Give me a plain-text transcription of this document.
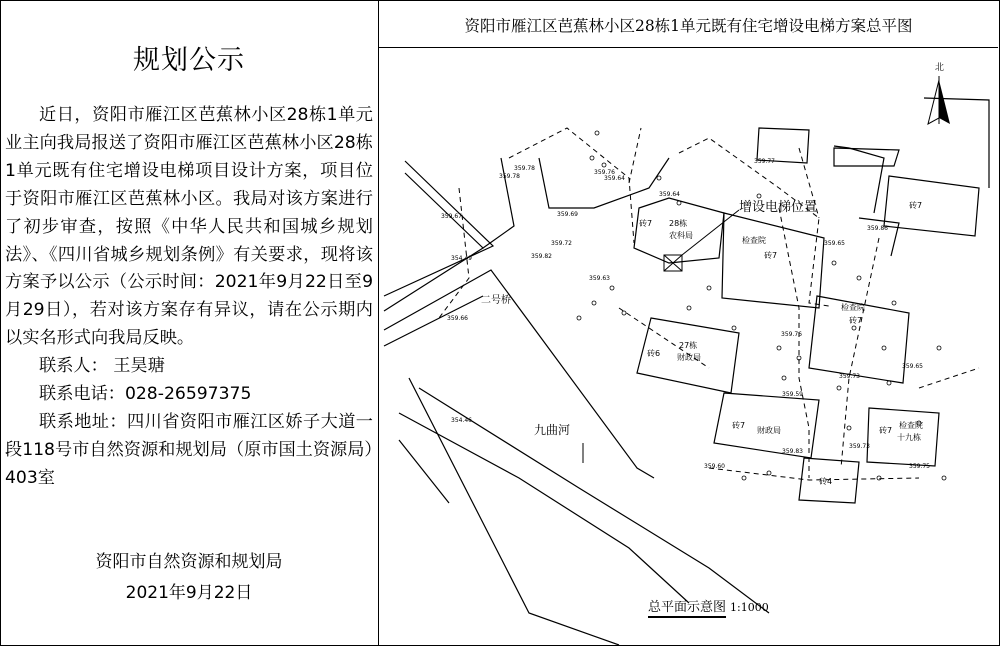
规划公示

近日，资阳市雁江区芭蕉林小区28栋1单元业主向我局报送了资阳市雁江区芭蕉林小区28栋1单元既有住宅增设电梯项目设计方案，项目位于资阳市雁江区芭蕉林小区。我局对该方案进行了初步审查，按照《中华人民共和国城乡规划法》、《四川省城乡规划条例》有关要求，现将该方案予以公示（公示时间：2021年9月22日至9月29日），若对该方案存有异议，请在公示期内以实名形式向我局反映。

联系人： 王昊瑭

联系电话：028-26597375

联系地址：四川省资阳市雁江区娇子大道一段118号市自然资源和规划局（原市国土资源局）403室

资阳市自然资源和规划局
2021年9月22日
资阳市雁江区芭蕉林小区28栋1单元既有住宅增设电梯方案总平图
北
28栋
农科局
砖7
检查院
砖7
检查院
砖7
27栋
财政局
砖6
砖7
财政局	砖7
检查院
十九栋
砖4
砖7
359.76
359.64
359.64
359.78
359.67	359.69
359.72
359.63
359.65
359.86
359.73
359.59
359.83
359.60
359.73
359.75
359.65
359.76
359.77
354.49
354.46
359.66
359.82
359.78
增设电梯位置
九曲河
二号桥
总平面示意图 1:1000
